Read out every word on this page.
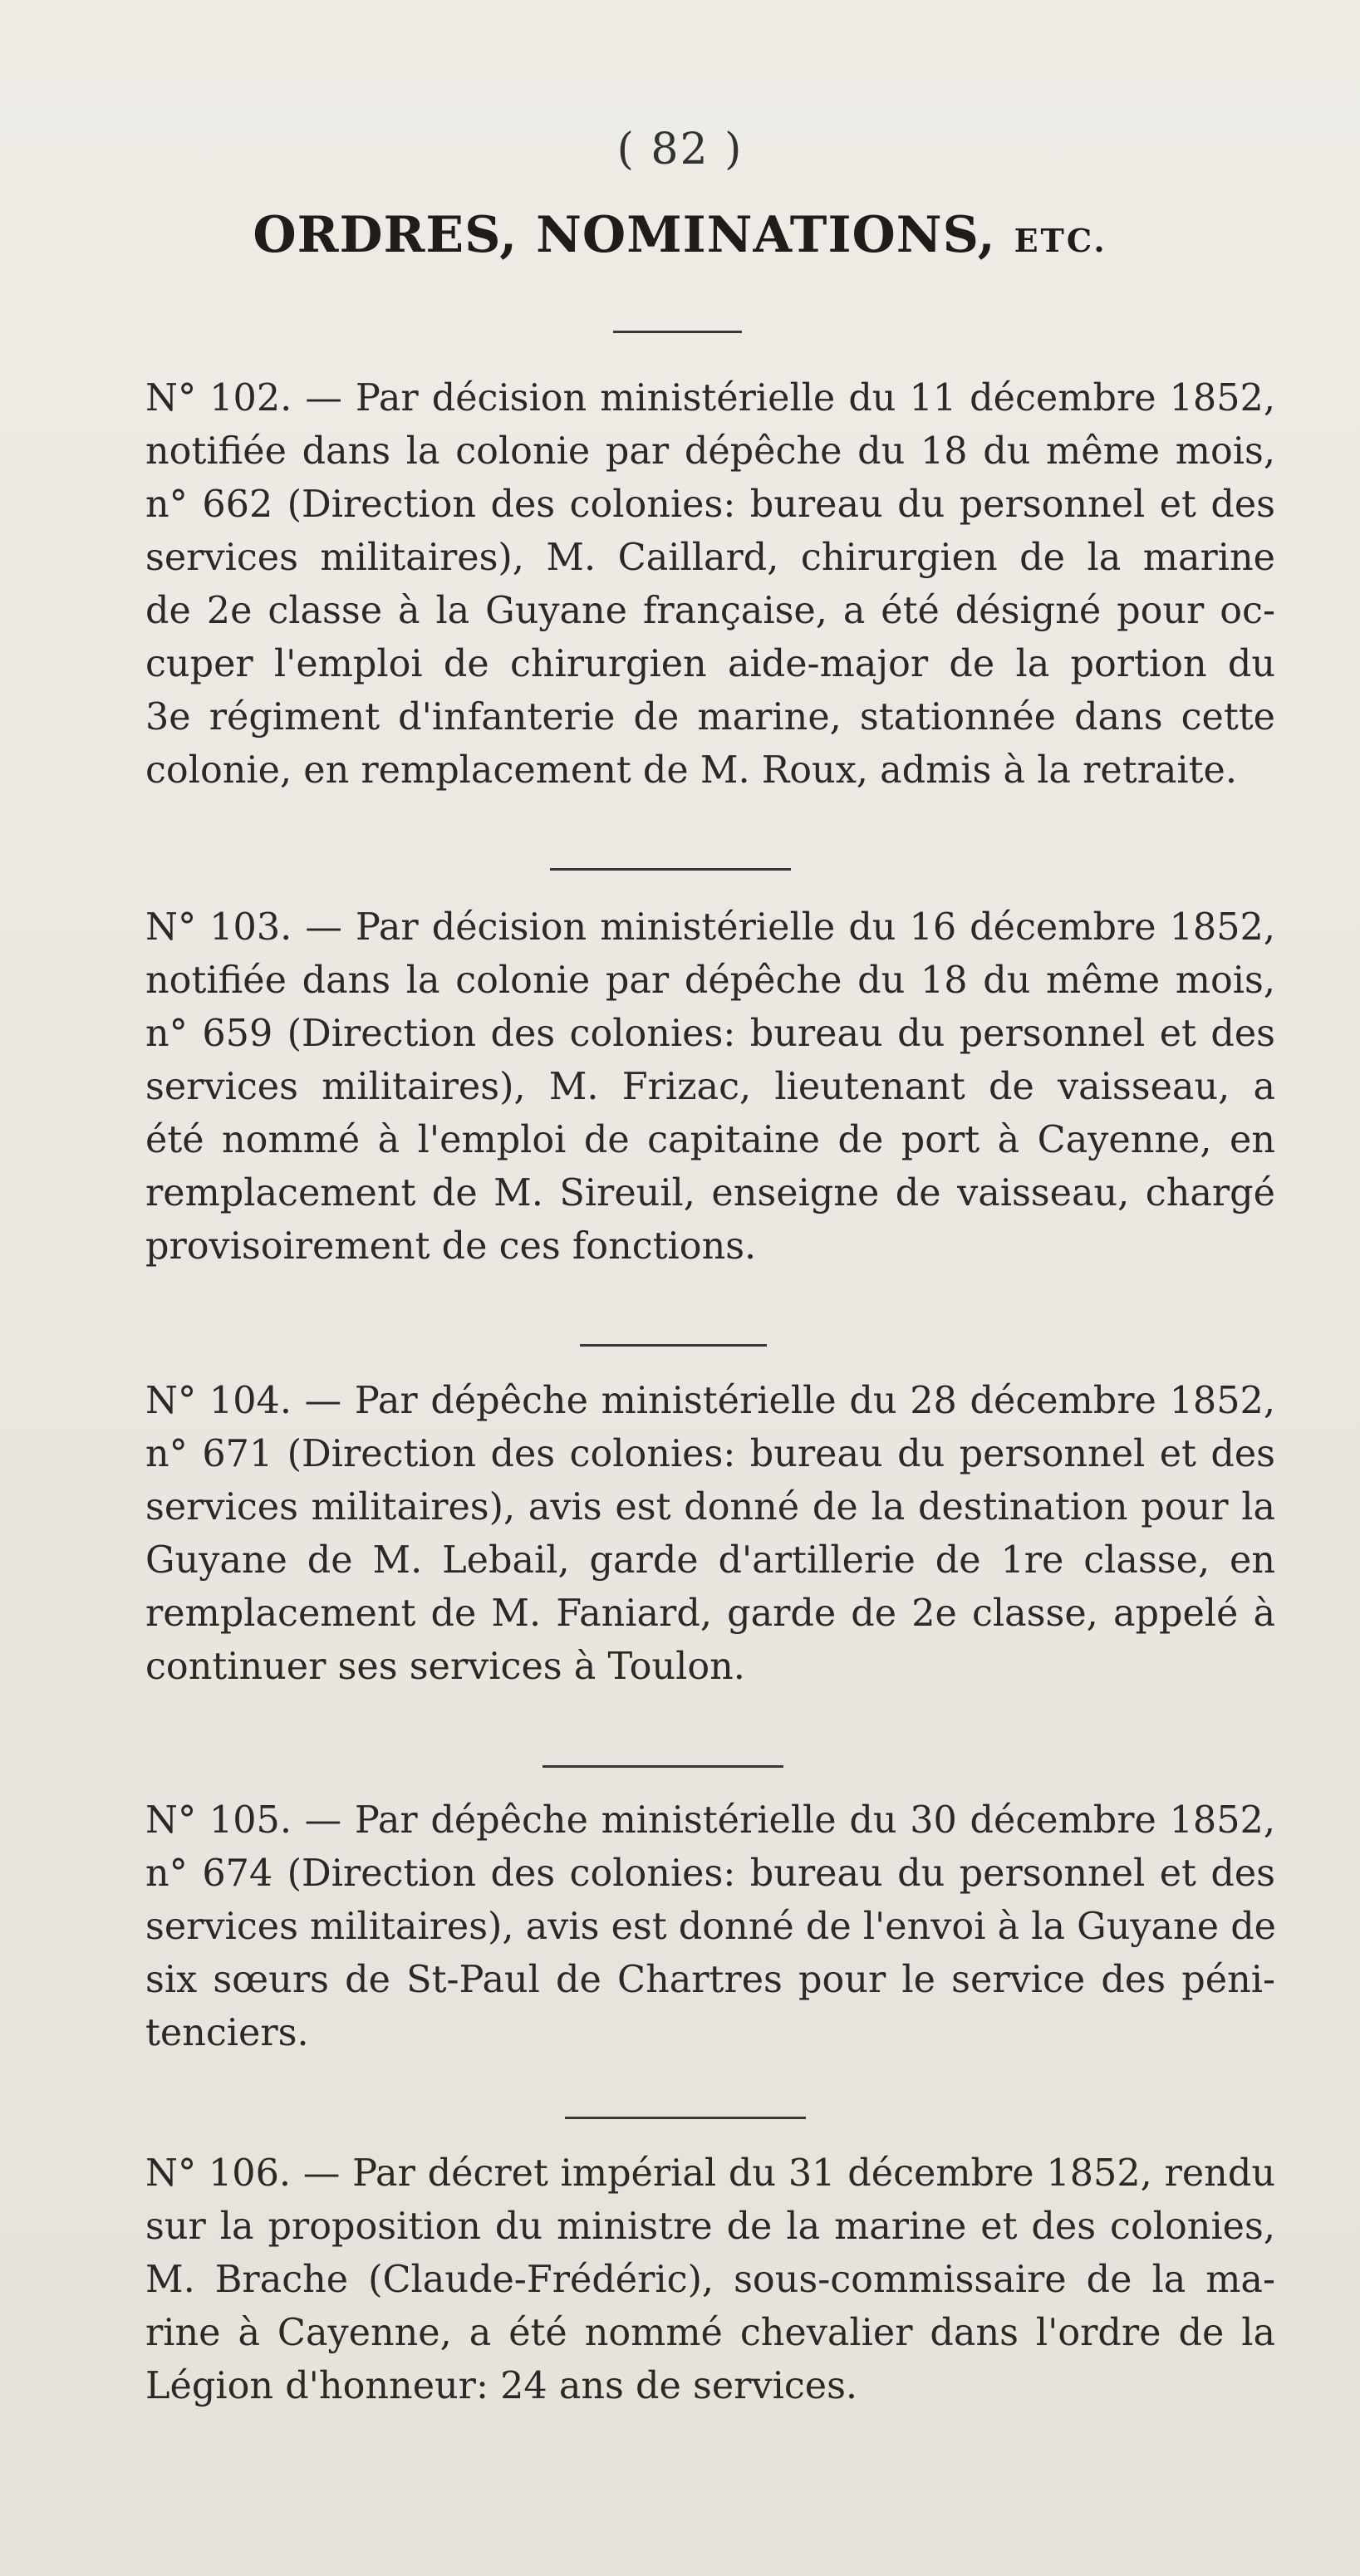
( 82 )
ORDRES, NOMINATIONS, ETC.
N° 102. — Par décision ministérielle du 11 décembre 1852,
notifiée dans la colonie par dépêche du 18 du même mois,
n° 662 (Direction des colonies: bureau du personnel et des
services militaires), M. Caillard, chirurgien de la marine
de 2e classe à la Guyane française, a été désigné pour oc-
cuper l'emploi de chirurgien aide-major de la portion du
3e régiment d'infanterie de marine, stationnée dans cette
colonie, en remplacement de M. Roux, admis à la retraite.
N° 103. — Par décision ministérielle du 16 décembre 1852,
notifiée dans la colonie par dépêche du 18 du même mois,
n° 659 (Direction des colonies: bureau du personnel et des
services militaires), M. Frizac, lieutenant de vaisseau, a
été nommé à l'emploi de capitaine de port à Cayenne, en
remplacement de M. Sireuil, enseigne de vaisseau, chargé
provisoirement de ces fonctions.
N° 104. — Par dépêche ministérielle du 28 décembre 1852,
n° 671 (Direction des colonies: bureau du personnel et des
services militaires), avis est donné de la destination pour la
Guyane de M. Lebail, garde d'artillerie de 1re classe, en
remplacement de M. Faniard, garde de 2e classe, appelé à
continuer ses services à Toulon.
N° 105. — Par dépêche ministérielle du 30 décembre 1852,
n° 674 (Direction des colonies: bureau du personnel et des
services militaires), avis est donné de l'envoi à la Guyane de
six sœurs de St-Paul de Chartres pour le service des péni-
tenciers.
N° 106. — Par décret impérial du 31 décembre 1852, rendu
sur la proposition du ministre de la marine et des colonies,
M. Brache (Claude-Frédéric), sous-commissaire de la ma-
rine à Cayenne, a été nommé chevalier dans l'ordre de la
Légion d'honneur: 24 ans de services.
